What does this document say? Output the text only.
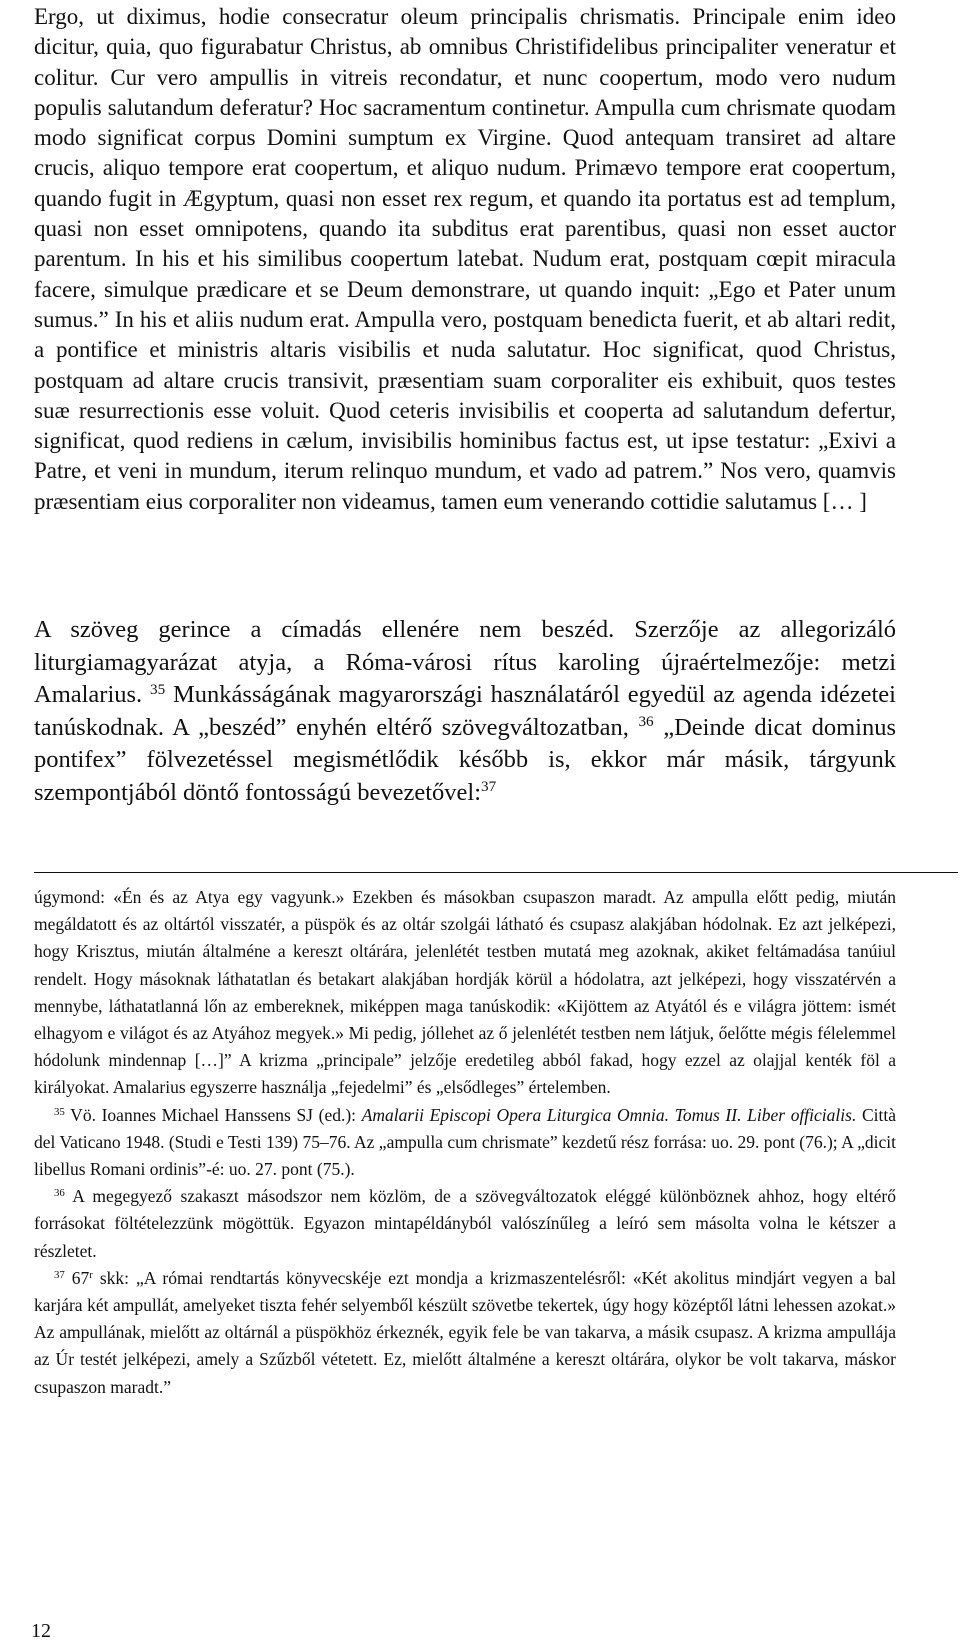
Ergo, ut diximus, hodie consecratur oleum principalis chrismatis. Principale enim ideo dicitur, quia, quo figurabatur Christus, ab omnibus Christifidelibus principaliter veneratur et colitur. Cur vero ampullis in vitreis recondatur, et nunc coopertum, modo vero nudum populis salutandum deferatur? Hoc sacramentum continetur. Ampulla cum chrismate quodam modo significat corpus Domini sumptum ex Virgine. Quod antequam transiret ad altare crucis, aliquo tempore erat coopertum, et aliquo nudum. Primævo tempore erat coopertum, quando fugit in Ægyptum, quasi non esset rex regum, et quando ita portatus est ad templum, quasi non esset omnipotens, quando ita subditus erat parentibus, quasi non esset auctor parentum. In his et his similibus coopertum latebat. Nudum erat, postquam cœpit miracula facere, simulque prædicare et se Deum demonstrare, ut quando inquit: „Ego et Pater unum sumus.” In his et aliis nudum erat. Ampulla vero, postquam benedicta fuerit, et ab altari redit, a pontifice et ministris altaris visibilis et nuda salutatur. Hoc significat, quod Christus, postquam ad altare crucis transivit, præsentiam suam corporaliter eis exhibuit, quos testes suæ resurrectionis esse voluit. Quod ceteris invisibilis et cooperta ad salutandum defertur, significat, quod rediens in cælum, invisibilis hominibus factus est, ut ipse testatur: „Exivi a Patre, et veni in mundum, iterum relinquo mundum, et vado ad patrem.” Nos vero, quamvis præsentiam eius corporaliter non videamus, tamen eum venerando cottidie salutamus [… ]

A szöveg gerince a címadás ellenére nem beszéd. Szerzője az allegorizáló liturgiamagyarázat atyja, a Róma-városi rítus karoling újraértelmezője: metzi Amalarius. $^{35}$ Munkásságának magyarországi használatáról egyedül az agenda idézetei tanúskodnak. A „beszéd” enyhén eltérő szövegváltozatban, $^{36}$ „Deinde dicat dominus pontifex” fölvezetéssel megismétlődik később is, ekkor már másik, tárgyunk szempontjából döntő fontosságú bevezetővel:$^{37}$

úgymond: «Én és az Atya egy vagyunk.» Ezekben és másokban csupaszon maradt. Az ampulla előtt pedig, miután megáldatott és az oltártól visszatér, a püspök és az oltár szolgái látható és csupasz alakjában hódolnak. Ez azt jelképezi, hogy Krisztus, miután általméne a kereszt oltárára, jelenlétét testben mutatá meg azoknak, akiket feltámadása tanúiul rendelt. Hogy másoknak láthatatlan és betakart alakjában hordják körül a hódolatra, azt jelképezi, hogy visszatérvén a mennybe, láthatatlanná lőn az embereknek, miképpen maga tanúskodik: «Kijöttem az Atyától és e világra jöttem: ismét elhagyom e világot és az Atyához megyek.» Mi pedig, jóllehet az ő jelenlétét testben nem látjuk, őelőtte mégis félelemmel hódolunk mindennap […]” A krizma „principale” jelzője eredetileg abból fakad, hogy ezzel az olajjal kenték föl a királyokat. Amalarius egyszerre használja „fejedelmi” és „elsődleges” értelemben.

$^{35}$ Vö. Ioannes Michael Hanssens SJ (ed.): Amalarii Episcopi Opera Liturgica Omnia. Tomus II. Liber officialis. Città del Vaticano 1948. (Studi e Testi 139) 75–76. Az „ampulla cum chrismate” kezdetű rész forrása: uo. 29. pont (76.); A „dicit libellus Romani ordinis”-é: uo. 27. pont (75.).

$^{36}$ A megegyező szakaszt másodszor nem közlöm, de a szövegváltozatok eléggé különböznek ahhoz, hogy eltérő forrásokat föltételezzünk mögöttük. Egyazon mintapéldányból valószínűleg a leíró sem másolta volna le kétszer a részletet.

$^{37}$ 67$^r$ skk: „A római rendtartás könyvecskéje ezt mondja a krizmaszentelésről: «Két akolitus mindjárt vegyen a bal karjára két ampullát, amelyeket tiszta fehér selyemből készült szövetbe tekertek, úgy hogy középtől látni lehessen azokat.» Az ampullának, mielőtt az oltárnál a püspökhöz érkeznék, egyik fele be van takarva, a másik csupasz. A krizma ampullája az Úr testét jelképezi, amely a Szűzből vétetett. Ez, mielőtt általméne a kereszt oltárára, olykor be volt takarva, máskor csupaszon maradt.”

12
